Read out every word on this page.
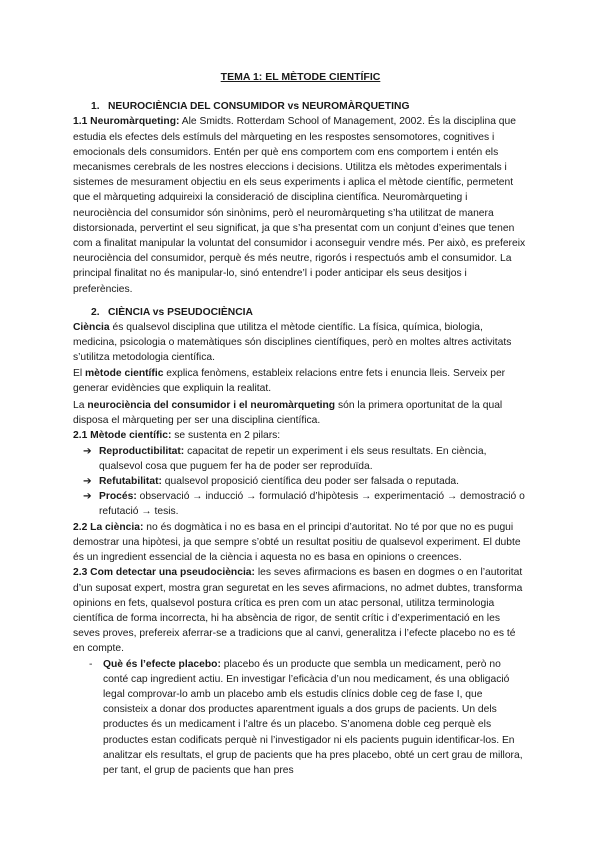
TEMA 1: EL MÈTODE CIENTÍFIC
1. NEUROCIÈNCIA DEL CONSUMIDOR vs NEUROMÀRQUETING

1.1 Neuromàrqueting: Ale Smidts. Rotterdam School of Management, 2002. És la disciplina que estudia els efectes dels estímuls del màrqueting en les respostes sensomotores, cognitives i emocionals dels consumidors. Entén per què ens comportem com ens comportem i entén els mecanismes cerebrals de les nostres eleccions i decisions. Utilitza els mètodes experimentals i sistemes de mesurament objectiu en els seus experiments i aplica el mètode científic, permetent que el màrqueting adquireixi la consideració de disciplina científica. Neuromàrqueting i neurociència del consumidor són sinònims, però el neuromàrqueting s’ha utilitzat de manera distorsionada, pervertint el seu significat, ja que s’ha presentat com un conjunt d’eines que tenen com a finalitat manipular la voluntat del consumidor i aconseguir vendre més. Per això, es prefereix neurociència del consumidor, perquè és més neutre, rigorós i respectuós amb el consumidor. La principal finalitat no és manipular-lo, sinó entendre’l i poder anticipar els seus desitjos i preferències.

2. CIÈNCIA vs PSEUDOCIÈNCIA

Ciència és qualsevol disciplina que utilitza el mètode científic. La física, química, biologia, medicina, psicologia o matemàtiques són disciplines científiques, però en moltes altres activitats s’utilitza metodologia científica.

El mètode científic explica fenòmens, estableix relacions entre fets i enuncia lleis. Serveix per generar evidències que expliquin la realitat.

La neurociència del consumidor i el neuromàrqueting són la primera oportunitat de la qual disposa el màrqueting per ser una disciplina científica.

2.1 Mètode científic: se sustenta en 2 pilars:

➔ Reproductibilitat: capacitat de repetir un experiment i els seus resultats. En ciència, qualsevol cosa que puguem fer ha de poder ser reproduïda.
➔ Refutabilitat: qualsevol proposició científica deu poder ser falsada o reputada.
➔ Procés: observació → inducció → formulació d’hipòtesis → experimentació → demostració o refutació → tesis.

2.2 La ciència: no és dogmàtica i no es basa en el principi d’autoritat. No té por que no es pugui demostrar una hipòtesi, ja que sempre s’obté un resultat positiu de qualsevol experiment. El dubte és un ingredient essencial de la ciència i aquesta no es basa en opinions o creences.

2.3 Com detectar una pseudociència: les seves afirmacions es basen en dogmes o en l’autoritat d’un suposat expert, mostra gran seguretat en les seves afirmacions, no admet dubtes, transforma opinions en fets, qualsevol postura crítica es pren com un atac personal, utilitza terminologia científica de forma incorrecta, hi ha absència de rigor, de sentit crític i d’experimentació en les seves proves, prefereix aferrar-se a tradicions que al canvi, generalitza i l’efecte placebo no es té en compte.

- Què és l’efecte placebo: placebo és un producte que sembla un medicament, però no conté cap ingredient actiu. En investigar l’eficàcia d’un nou medicament, és una obligació legal comprovar-lo amb un placebo amb els estudis clínics doble ceg de fase I, que consisteix a donar dos productes aparentment iguals a dos grups de pacients. Un dels productes és un medicament i l’altre és un placebo. S’anomena doble ceg perquè els productes estan codificats perquè ni l’investigador ni els pacients puguin identificar-los. En analitzar els resultats, el grup de pacients que ha pres placebo, obté un cert grau de millora, per tant, el grup de pacients que han pres
